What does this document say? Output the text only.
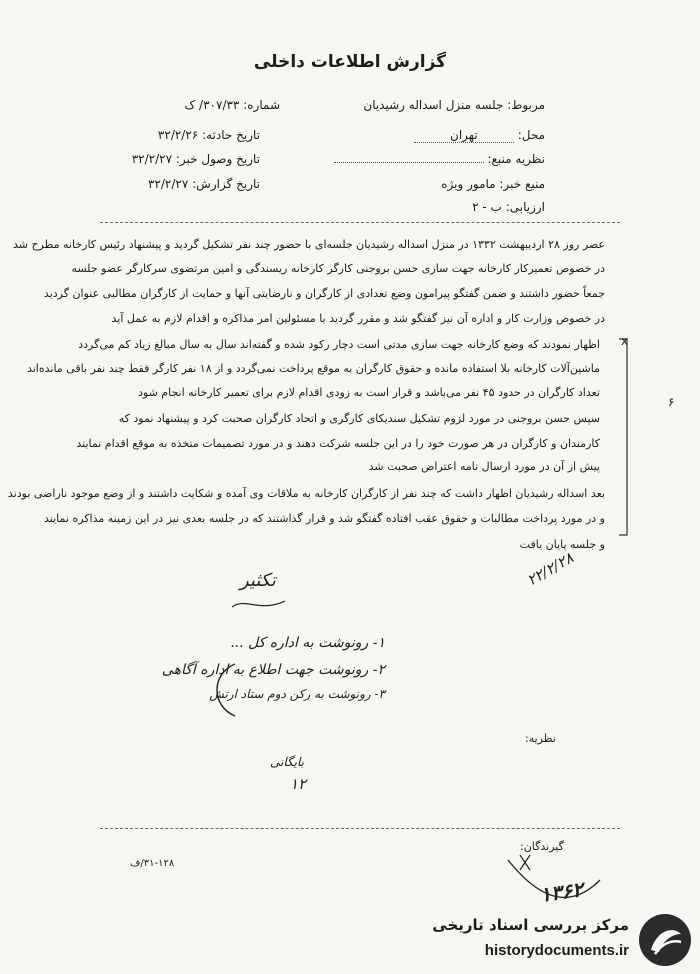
گزارش اطلاعات داخلی
مربوط: جلسه منزل اسداله رشیدیان
شماره: ۳۰۷/۳۳/ ک
محل: تهران
تاریخ حادثه: ۳۲/۲/۲۶
تاریخ وصول خبر: ۳۲/۲/۲۷	نظریه منبع:
منبع خبر: مامور ویژه
تاریخ گزارش: ۳۲/۲/۲۷
ارزیابی: ب - ۲
عصر روز ۲۸ اردیبهشت ۱۳۳۲ در منزل اسداله رشیدیان جلسه‌ای با حضور چند نفر تشکیل گردید و پیشنهاد رئیس کارخانه مطرح شد
در خصوص تعمیرکار کارخانه جهت سازی حسن بروجنی کارگر کارخانه ریسندگی و امین مرتضوی سرکارگر عضو جلسه
جمعاً حضور داشتند و ضمن گفتگو پیرامون وضع تعدادی از کارگران و نارضایتی آنها و حمایت از کارگران مطالبی عنوان گردید
در خصوص وزارت کار و اداره آن نیز گفتگو شد و مقرر گردید با مسئولین امر مذاکره و اقدام لازم به عمل آید
اظهار نمودند که وضع کارخانه جهت سازی مدتی است دچار رکود شده و گفته‌اند سال به سال مبالغ زیاد کم می‌گردد
ماشین‌آلات کارخانه بلا استفاده مانده و حقوق کارگران به موقع پرداخت نمی‌گردد و از ۱۸ نفر کارگر فقط چند نفر باقی مانده‌اند
تعداد کارگران در حدود ۴۵ نفر می‌باشد و قرار است به زودی اقدام لازم برای تعمیر کارخانه انجام شود
سپس حسن بروجنی در مورد لزوم تشکیل سندیکای کارگری و اتحاد کارگران صحبت کرد و پیشنهاد نمود که
کارمندان و کارگران در هر صورت خود را در این جلسه شرکت دهند و در مورد تصمیمات متخذه به موقع اقدام نمایند
پیش از آن در مورد ارسال نامه اعتراض صحبت شد
بعد اسداله رشیدیان اظهار داشت که چند نفر از کارگران کارخانه به ملاقات وی آمده و شکایت داشتند و از وضع موجود ناراضی بودند
و در مورد پرداخت مطالبات و حقوق عقب افتاده گفتگو شد و قرار گذاشتند که در جلسه بعدی نیز در این زمینه مذاکره نمایند
و جلسه پایان یافت
x
۶
۲۲/۲/۲۸
تکثیر
۱- رونوشت به اداره کل ...
۲- رونوشت جهت اطلاع به اداره آگاهی
۳- رونوشت به رکن دوم ستاد ارتش
نظریه:
بایگانی
۱۲
۳۱-۱۲۸/ف
گیرندگان:
۱۳۶۲
مرکز بررسی اسناد تاریخی
historydocuments.ir
